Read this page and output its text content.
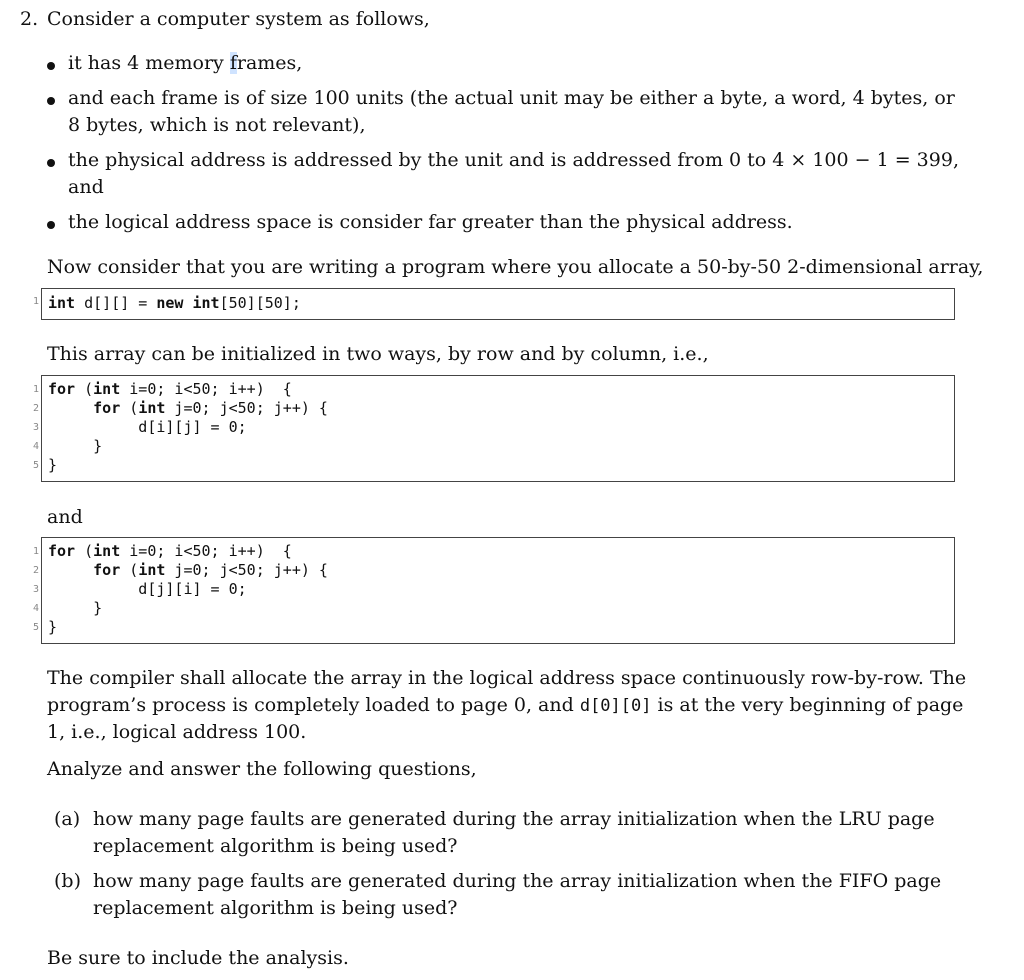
2. Consider a computer system as follows,
it has 4 memory frames,
and each frame is of size 100 units (the actual unit may be either a byte, a word, 4 bytes, or
8 bytes, which is not relevant),
the physical address is addressed by the unit and is addressed from 0 to 4 × 100 − 1 = 399,
and
the logical address space is consider far greater than the physical address.
Now consider that you are writing a program where you allocate a 50-by-50 2-dimensional array,
1 int d[][] = new int[50][50];
This array can be initialized in two ways, by row and by column, i.e.,
1
2
3
4
5
for (int i=0; i<50; i++)  {
for (int j=0; j<50; j++) {
d[i][j] = 0;
}
}
and
1
2
3
4
5
for (int i=0; i<50; i++)  {
for (int j=0; j<50; j++) {
d[j][i] = 0;
}
}
The compiler shall allocate the array in the logical address space continuously row-by-row. The
program’s process is completely loaded to page 0, and d[0][0] is at the very beginning of page
1, i.e., logical address 100.
Analyze and answer the following questions,
(a) how many page faults are generated during the array initialization when the LRU page
replacement algorithm is being used?
(b) how many page faults are generated during the array initialization when the FIFO page
replacement algorithm is being used?
Be sure to include the analysis.
